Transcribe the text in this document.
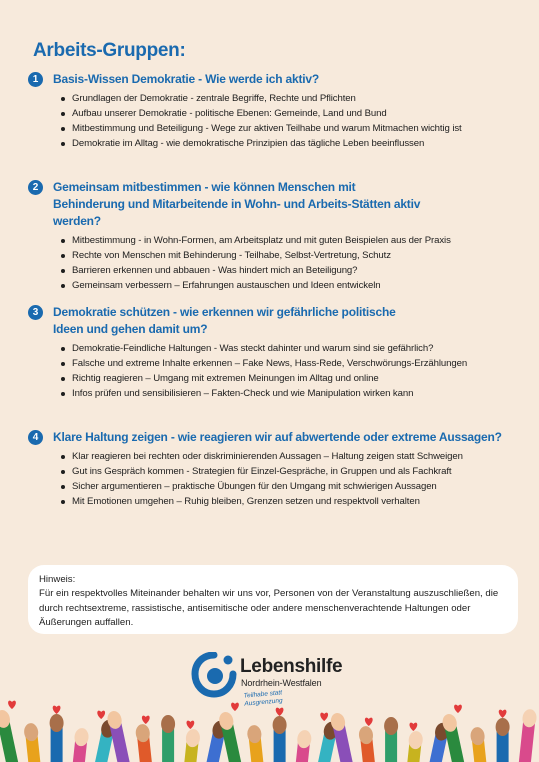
Arbeits-Gruppen:
1	Basis-Wissen Demokratie - Wie werde ich aktiv?
Grundlagen der Demokratie - zentrale Begriffe, Rechte und Pflichten
Aufbau unserer Demokratie - politische Ebenen: Gemeinde, Land und Bund
Mitbestimmung und Beteiligung - Wege zur aktiven Teilhabe und warum Mitmachen wichtig ist
Demokratie im Alltag - wie demokratische Prinzipien das tägliche Leben beeinflussen
2	Gemeinsam mitbestimmen - wie können Menschen mit Behinderung und Mitarbeitende in Wohn- und Arbeits-Stätten aktiv werden?
Mitbestimmung - in Wohn-Formen, am Arbeitsplatz und mit guten Beispielen aus der Praxis
Rechte von Menschen mit Behinderung - Teilhabe, Selbst-Vertretung, Schutz
Barrieren erkennen und abbauen - Was hindert mich an Beteiligung?
Gemeinsam verbessern – Erfahrungen austauschen und Ideen entwickeln
3	Demokratie schützen - wie erkennen wir gefährliche politische Ideen und gehen damit um?
Demokratie-Feindliche Haltungen - Was steckt dahinter und warum sind sie gefährlich?
Falsche und extreme Inhalte erkennen – Fake News, Hass-Rede, Verschwörungs-Erzählungen
Richtig reagieren – Umgang mit extremen Meinungen im Alltag und online
Infos prüfen und sensibilisieren – Fakten-Check und wie Manipulation wirken kann
4	Klare Haltung zeigen - wie reagieren wir auf abwertende oder extreme Aussagen?
Klar reagieren bei rechten oder diskriminierenden Aussagen – Haltung zeigen statt Schweigen
Gut ins Gespräch kommen - Strategien für Einzel-Gespräche, in Gruppen und als Fachkraft
Sicher argumentieren – praktische Übungen für den Umgang mit schwierigen Aussagen
Mit Emotionen umgehen – Ruhig bleiben, Grenzen setzen und respektvoll verhalten
Hinweis:
Für ein respektvolles Miteinander behalten wir uns vor, Personen von der Veranstaltung auszuschließen, die durch rechtsextreme, rassistische, antisemitische oder andere menschenverachtende Haltungen oder Äußerungen auffallen.
Lebenshilfe
Nordrhein-Westfalen
Teilhabe statt Ausgrenzung
